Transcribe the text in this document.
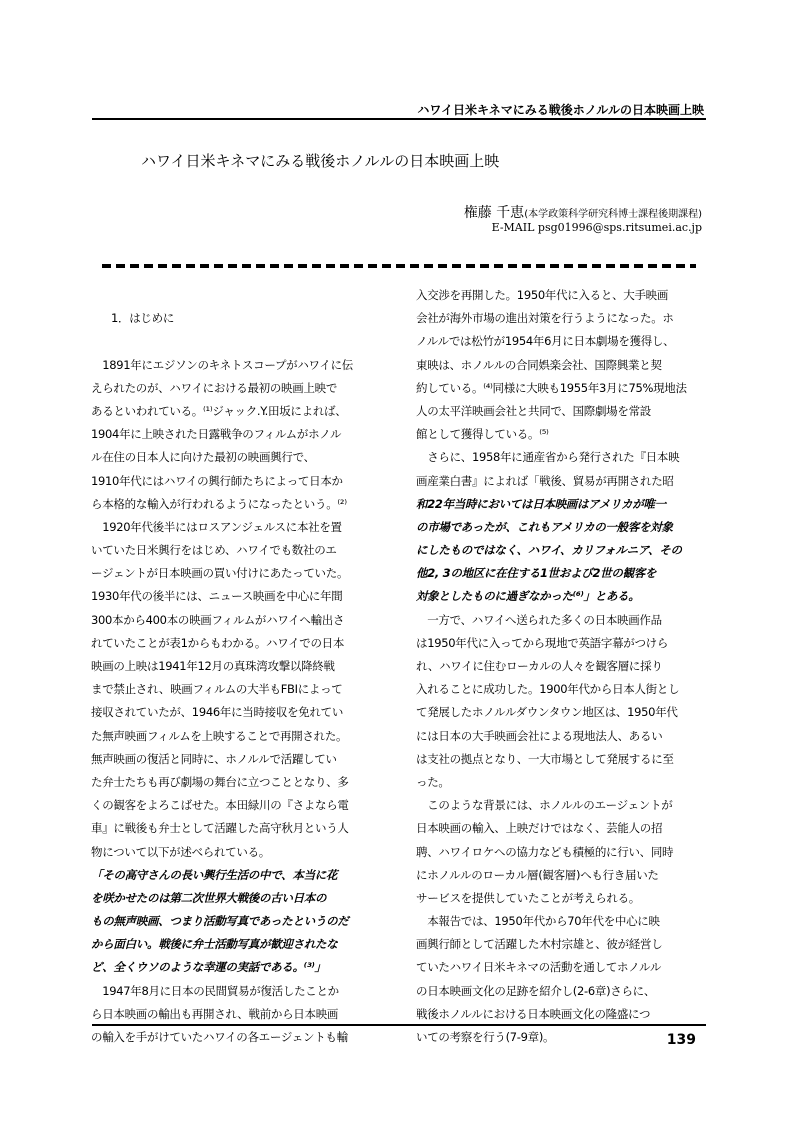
ハワイ日米キネマにみる戦後ホノルルの日本映画上映
ハワイ日米キネマにみる戦後ホノルルの日本映画上映
権藤 千恵(本学政策科学研究科博士課程後期課程)
E-MAIL psg01996@sps.ritsumei.ac.jp
1．はじめに
　1891年にエジソンのキネトスコープがハワイに伝
えられたのが、ハワイにおける最初の映画上映で
あるといわれている。⁽¹⁾ジャック.Y.田坂によれば、
1904年に上映された日露戦争のフィルムがホノル
ル在住の日本人に向けた最初の映画興行で、
1910年代にはハワイの興行師たちによって日本か
ら本格的な輸入が行われるようになったという。⁽²⁾
　1920年代後半にはロスアンジェルスに本社を置
いていた日米興行をはじめ、ハワイでも数社のエ
ージェントが日本映画の買い付けにあたっていた。
1930年代の後半には、ニュース映画を中心に年間
300本から400本の映画フィルムがハワイへ輸出さ
れていたことが表1からもわかる。ハワイでの日本
映画の上映は1941年12月の真珠湾攻撃以降終戦
まで禁止され、映画フィルムの大半もFBIによって
接収されていたが、1946年に当時接収を免れてい
た無声映画フィルムを上映することで再開された。
無声映画の復活と同時に、ホノルルで活躍してい
た弁士たちも再び劇場の舞台に立つこととなり、多
くの観客をよろこばせた。本田緑川の『さよなら電
車』に戦後も弁士として活躍した高守秋月という人
物について以下が述べられている。
「その高守さんの長い興行生活の中で、本当に花
を咲かせたのは第二次世界大戦後の古い日本の
もの無声映画、つまり活動写真であったというのだ
から面白い。戦後に弁士活動写真が歓迎されたな
ど、全くウソのような幸運の実話である。⁽³⁾」
　1947年8月に日本の民間貿易が復活したことか
ら日本映画の輸出も再開され、戦前から日本映画
の輸入を手がけていたハワイの各エージェントも輸
入交渉を再開した。1950年代に入ると、大手映画
会社が海外市場の進出対策を行うようになった。ホ
ノルルでは松竹が1954年6月に日本劇場を獲得し、
東映は、ホノルルの合同娯楽会社、国際興業と契
約している。⁽⁴⁾同様に大映も1955年3月に75%現地法
人の太平洋映画会社と共同で、国際劇場を常設
館として獲得している。⁽⁵⁾
　さらに、1958年に通産省から発行された『日本映
画産業白書』によれば「戦後、貿易が再開された昭
和22年当時においては日本映画はアメリカが唯一
の市場であったが、これもアメリカの一般客を対象
にしたものではなく、ハワイ、カリフォルニア、その
他2, 3の地区に在住する1世および2世の観客を
対象としたものに過ぎなかった⁽⁶⁾」とある。
　一方で、ハワイへ送られた多くの日本映画作品
は1950年代に入ってから現地で英語字幕がつけら
れ、ハワイに住むローカルの人々を観客層に採り
入れることに成功した。1900年代から日本人街とし
て発展したホノルルダウンタウン地区は、1950年代
には日本の大手映画会社による現地法人、あるい
は支社の拠点となり、一大市場として発展するに至
った。
　このような背景には、ホノルルのエージェントが
日本映画の輸入、上映だけではなく、芸能人の招
聘、ハワイロケへの協力なども積極的に行い、同時
にホノルルのローカル層(観客層)へも行き届いた
サービスを提供していたことが考えられる。
　本報告では、1950年代から70年代を中心に映
画興行師として活躍した木村宗雄と、彼が経営し
ていたハワイ日米キネマの活動を通してホノルル
の日本映画文化の足跡を紹介し(2-6章)さらに、
戦後ホノルルにおける日本映画文化の隆盛につ
いての考察を行う(7-9章)。	139
